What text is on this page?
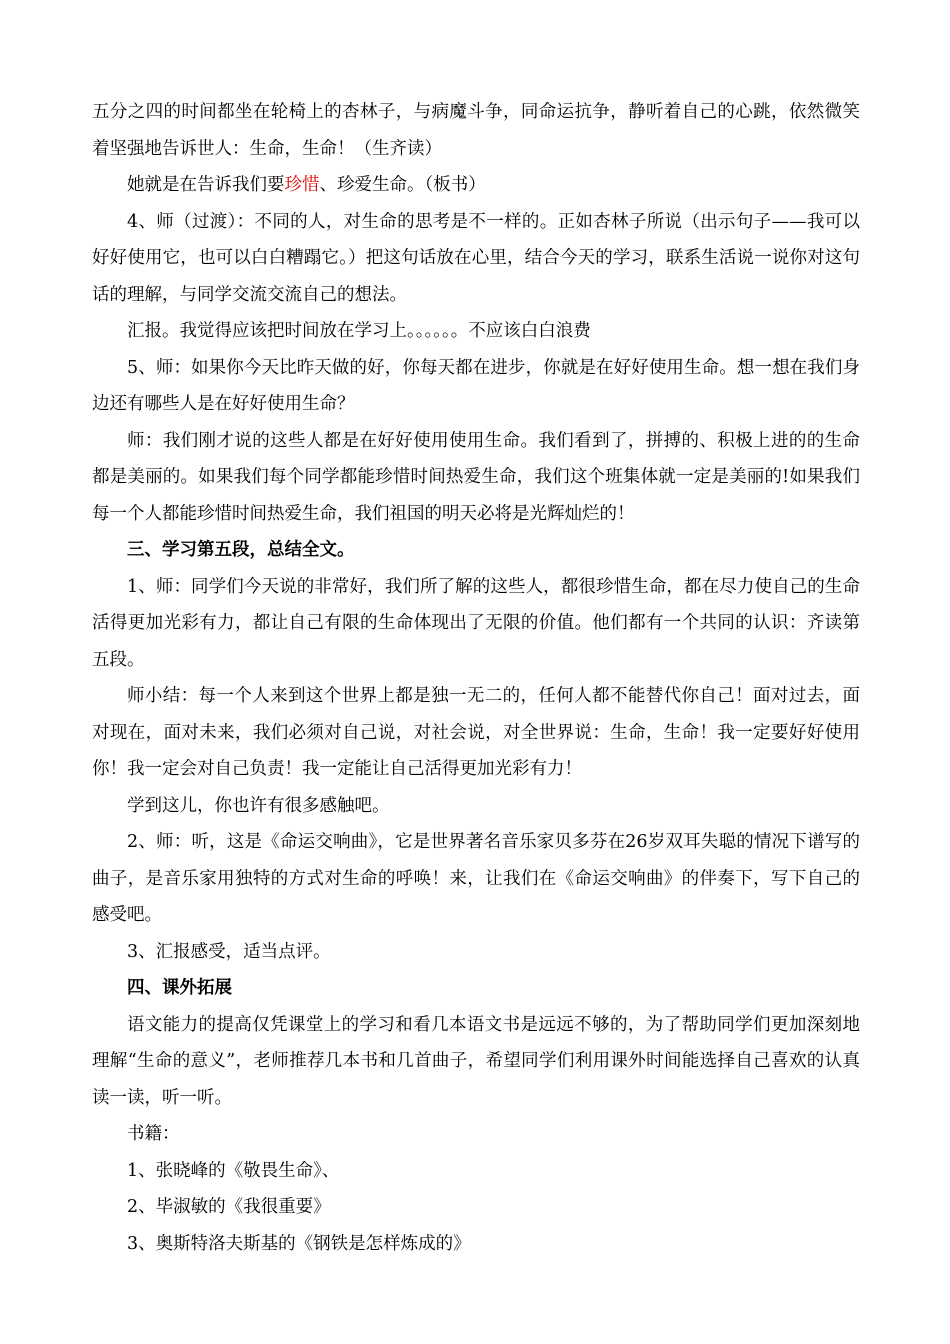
五分之四的时间都坐在轮椅上的杏林子，与病魔斗争，同命运抗争，静听着自己的心跳，依然微笑着坚强地告诉世人：生命，生命！（生齐读）

她就是在告诉我们要珍惜、珍爱生命。（板书）

4、师（过渡）：不同的人，对生命的思考是不一样的。正如杏林子所说（出示句子——我可以好好使用它，也可以白白糟蹋它。）把这句话放在心里，结合今天的学习，联系生活说一说你对这句话的理解，与同学交流交流自己的想法。

汇报。我觉得应该把时间放在学习上。。。。。。不应该白白浪费

5、师：如果你今天比昨天做的好，你每天都在进步，你就是在好好使用生命。想一想在我们身边还有哪些人是在好好使用生命？

师：我们刚才说的这些人都是在好好使用使用生命。我们看到了，拼搏的、积极上进的的生命都是美丽的。如果我们每个同学都能珍惜时间热爱生命，我们这个班集体就一定是美丽的!如果我们每一个人都能珍惜时间热爱生命，我们祖国的明天必将是光辉灿烂的！

三、学习第五段，总结全文。

1、师：同学们今天说的非常好，我们所了解的这些人，都很珍惜生命，都在尽力使自己的生命活得更加光彩有力，都让自己有限的生命体现出了无限的价值。他们都有一个共同的认识：齐读第五段。

师小结：每一个人来到这个世界上都是独一无二的，任何人都不能替代你自己！面对过去，面对现在，面对未来，我们必须对自己说，对社会说，对全世界说：生命，生命！我一定要好好使用你！我一定会对自己负责！我一定能让自己活得更加光彩有力！

学到这儿，你也许有很多感触吧。

2、师：听，这是《命运交响曲》，它是世界著名音乐家贝多芬在26岁双耳失聪的情况下谱写的曲子，是音乐家用独特的方式对生命的呼唤！来，让我们在《命运交响曲》的伴奏下，写下自己的感受吧。

3、汇报感受，适当点评。

四、课外拓展

语文能力的提高仅凭课堂上的学习和看几本语文书是远远不够的，为了帮助同学们更加深刻地理解“生命的意义”，老师推荐几本书和几首曲子，希望同学们利用课外时间能选择自己喜欢的认真读一读，听一听。

书籍：

1、张晓峰的《敬畏生命》、

2、毕淑敏的《我很重要》

3、奥斯特洛夫斯基的《钢铁是怎样炼成的》
